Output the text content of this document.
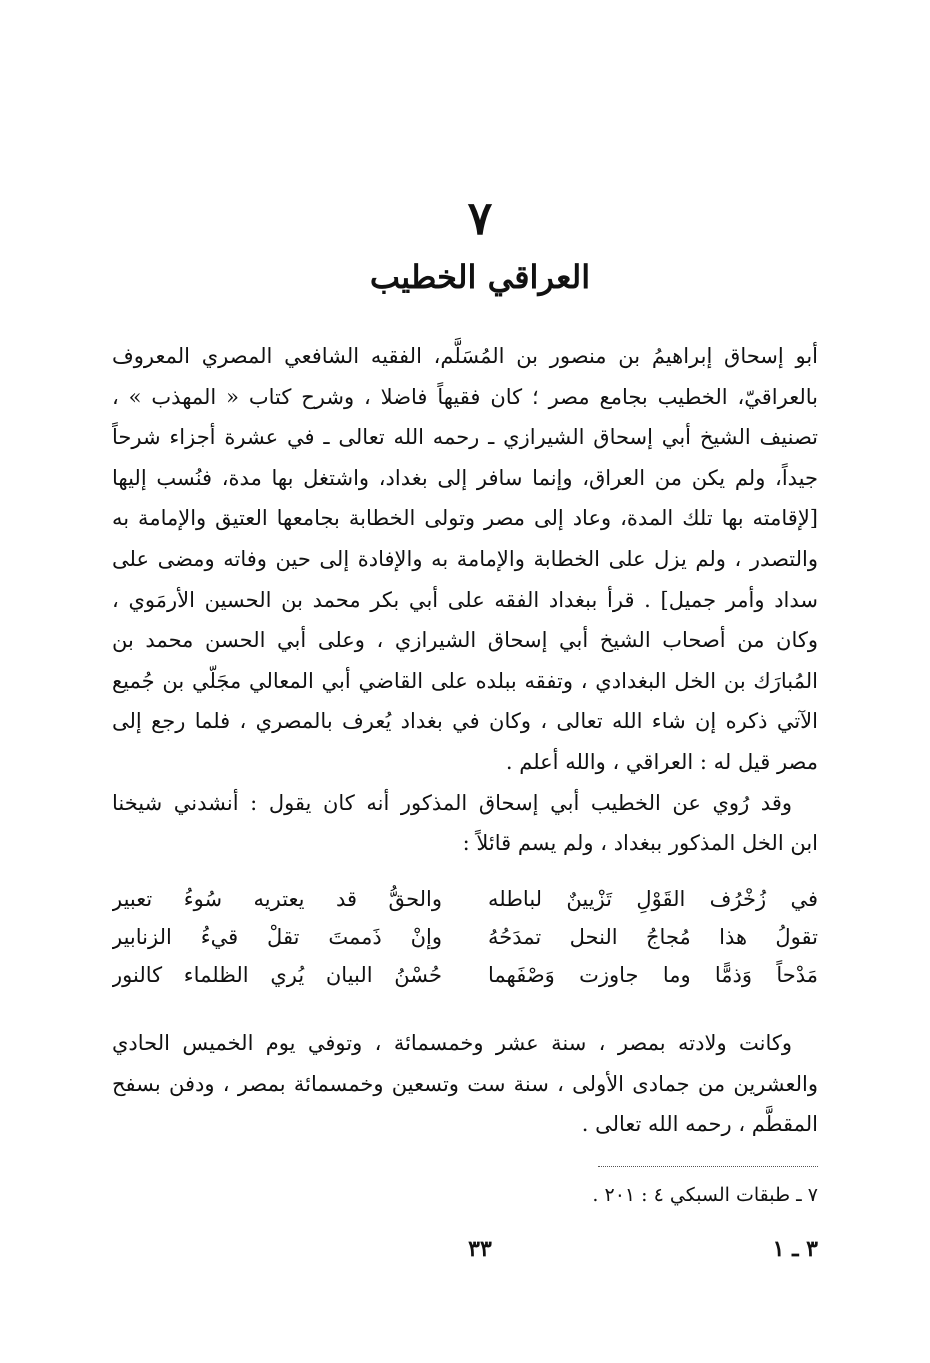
٧
العراقي الخطيب
أبو إسحاق إبراهيمُ بن منصور بن المُسَلَّم، الفقيه الشافعي المصري المعروف
بالعراقيّ، الخطيب بجامع مصر ؛ كان فقيهاً فاضلا ، وشرح كتاب « المهذب » ،
تصنيف الشيخ أبي إسحاق الشيرازي ـ رحمه الله تعالى ـ في عشرة أجزاء شرحاً
جيداً، ولم يكن من العراق، وإنما سافر إلى بغداد، واشتغل بها مدة، فنُسب إليها
[لإقامته بها تلك المدة، وعاد إلى مصر وتولى الخطابة بجامعها العتيق والإمامة به
والتصدر ، ولم يزل على الخطابة والإمامة به والإفادة إلى حين وفاته ومضى على
سداد وأمر جميل] . قرأ ببغداد الفقه على أبي بكر محمد بن الحسين الأرمَوي ،
وكان من أصحاب الشيخ أبي إسحاق الشيرازي ، وعلى أبي الحسن محمد بن
المُبارَك بن الخل البغدادي ، وتفقه ببلده على القاضي أبي المعالي مجَلّي بن جُميع
الآتي ذكره إن شاء الله تعالى ، وكان في بغداد يُعرف بالمصري ، فلما رجع إلى
مصر قيل له : العراقي ، والله أعلم .
وقد رُوي عن الخطيب أبي إسحاق المذكور أنه كان يقول : أنشدني شيخنا
ابن الخل المذكور ببغداد ، ولم يسم قائلاً :
في زُخْرُف القَوْلِ تَزْيينٌ لباطله
والحقُّ قد يعتريه سُوءُ تعبير
تقولُ هذا مُجاجُ النحل تمدَحُهُ
وإنْ ذَممتَ تقلْ قيءُ الزنابير
مَدْحاً وَذمًّا وما جاوزت وَصْفَهما
حُسْنُ البيان يُري الظلماء كالنور
وكانت ولادته بمصر ، سنة عشر وخمسمائة ، وتوفي يوم الخميس الحادي
والعشرين من جمادى الأولى ، سنة ست وتسعين وخمسمائة بمصر ، ودفن بسفح
المقطَّم ، رحمه الله تعالى .
٧ ـ طبقات السبكي ٤ : ٢٠١ .
٣٣	٣ ـ ١
